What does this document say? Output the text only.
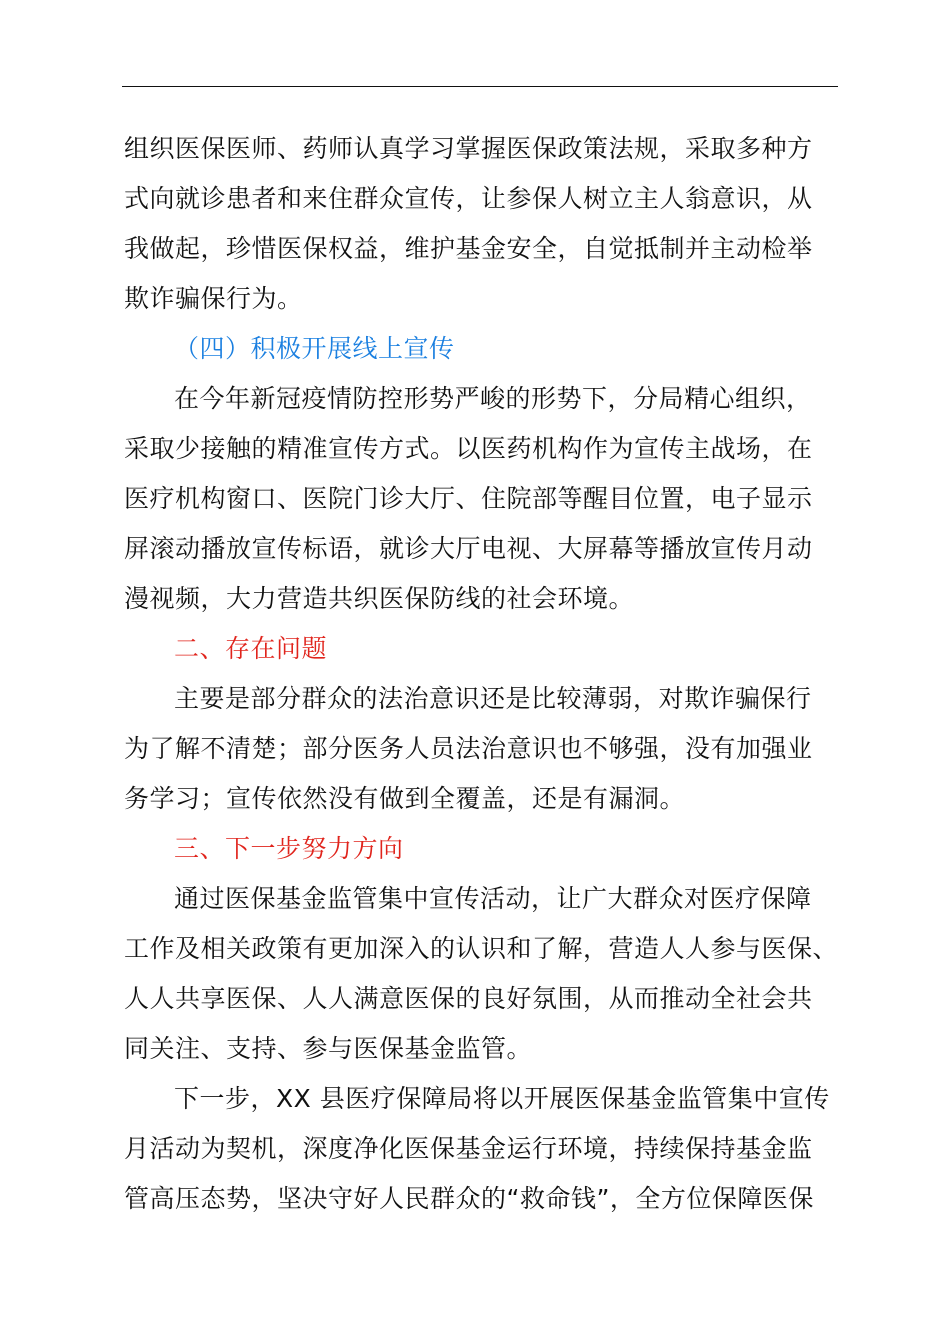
组织医保医师、药师认真学习掌握医保政策法规，采取多种方
式向就诊患者和来住群众宣传，让参保人树立主人翁意识，从
我做起，珍惜医保权益，维护基金安全，自觉抵制并主动检举
欺诈骗保行为。
（四）积极开展线上宣传
在今年新冠疫情防控形势严峻的形势下，分局精心组织，
采取少接触的精准宣传方式。以医药机构作为宣传主战场，在
医疗机构窗口、医院门诊大厅、住院部等醒目位置，电子显示
屏滚动播放宣传标语，就诊大厅电视、大屏幕等播放宣传月动
漫视频，大力营造共织医保防线的社会环境。
二、存在问题
主要是部分群众的法治意识还是比较薄弱，对欺诈骗保行
为了解不清楚；部分医务人员法治意识也不够强，没有加强业
务学习；宣传依然没有做到全覆盖，还是有漏洞。
三、下一步努力方向
通过医保基金监管集中宣传活动，让广大群众对医疗保障
工作及相关政策有更加深入的认识和了解，营造人人参与医保、
人人共享医保、人人满意医保的良好氛围，从而推动全社会共
同关注、支持、参与医保基金监管。
下一步，XX 县医疗保障局将以开展医保基金监管集中宣传
月活动为契机，深度净化医保基金运行环境，持续保持基金监
管高压态势，坚决守好人民群众的“救命钱”，全方位保障医保
